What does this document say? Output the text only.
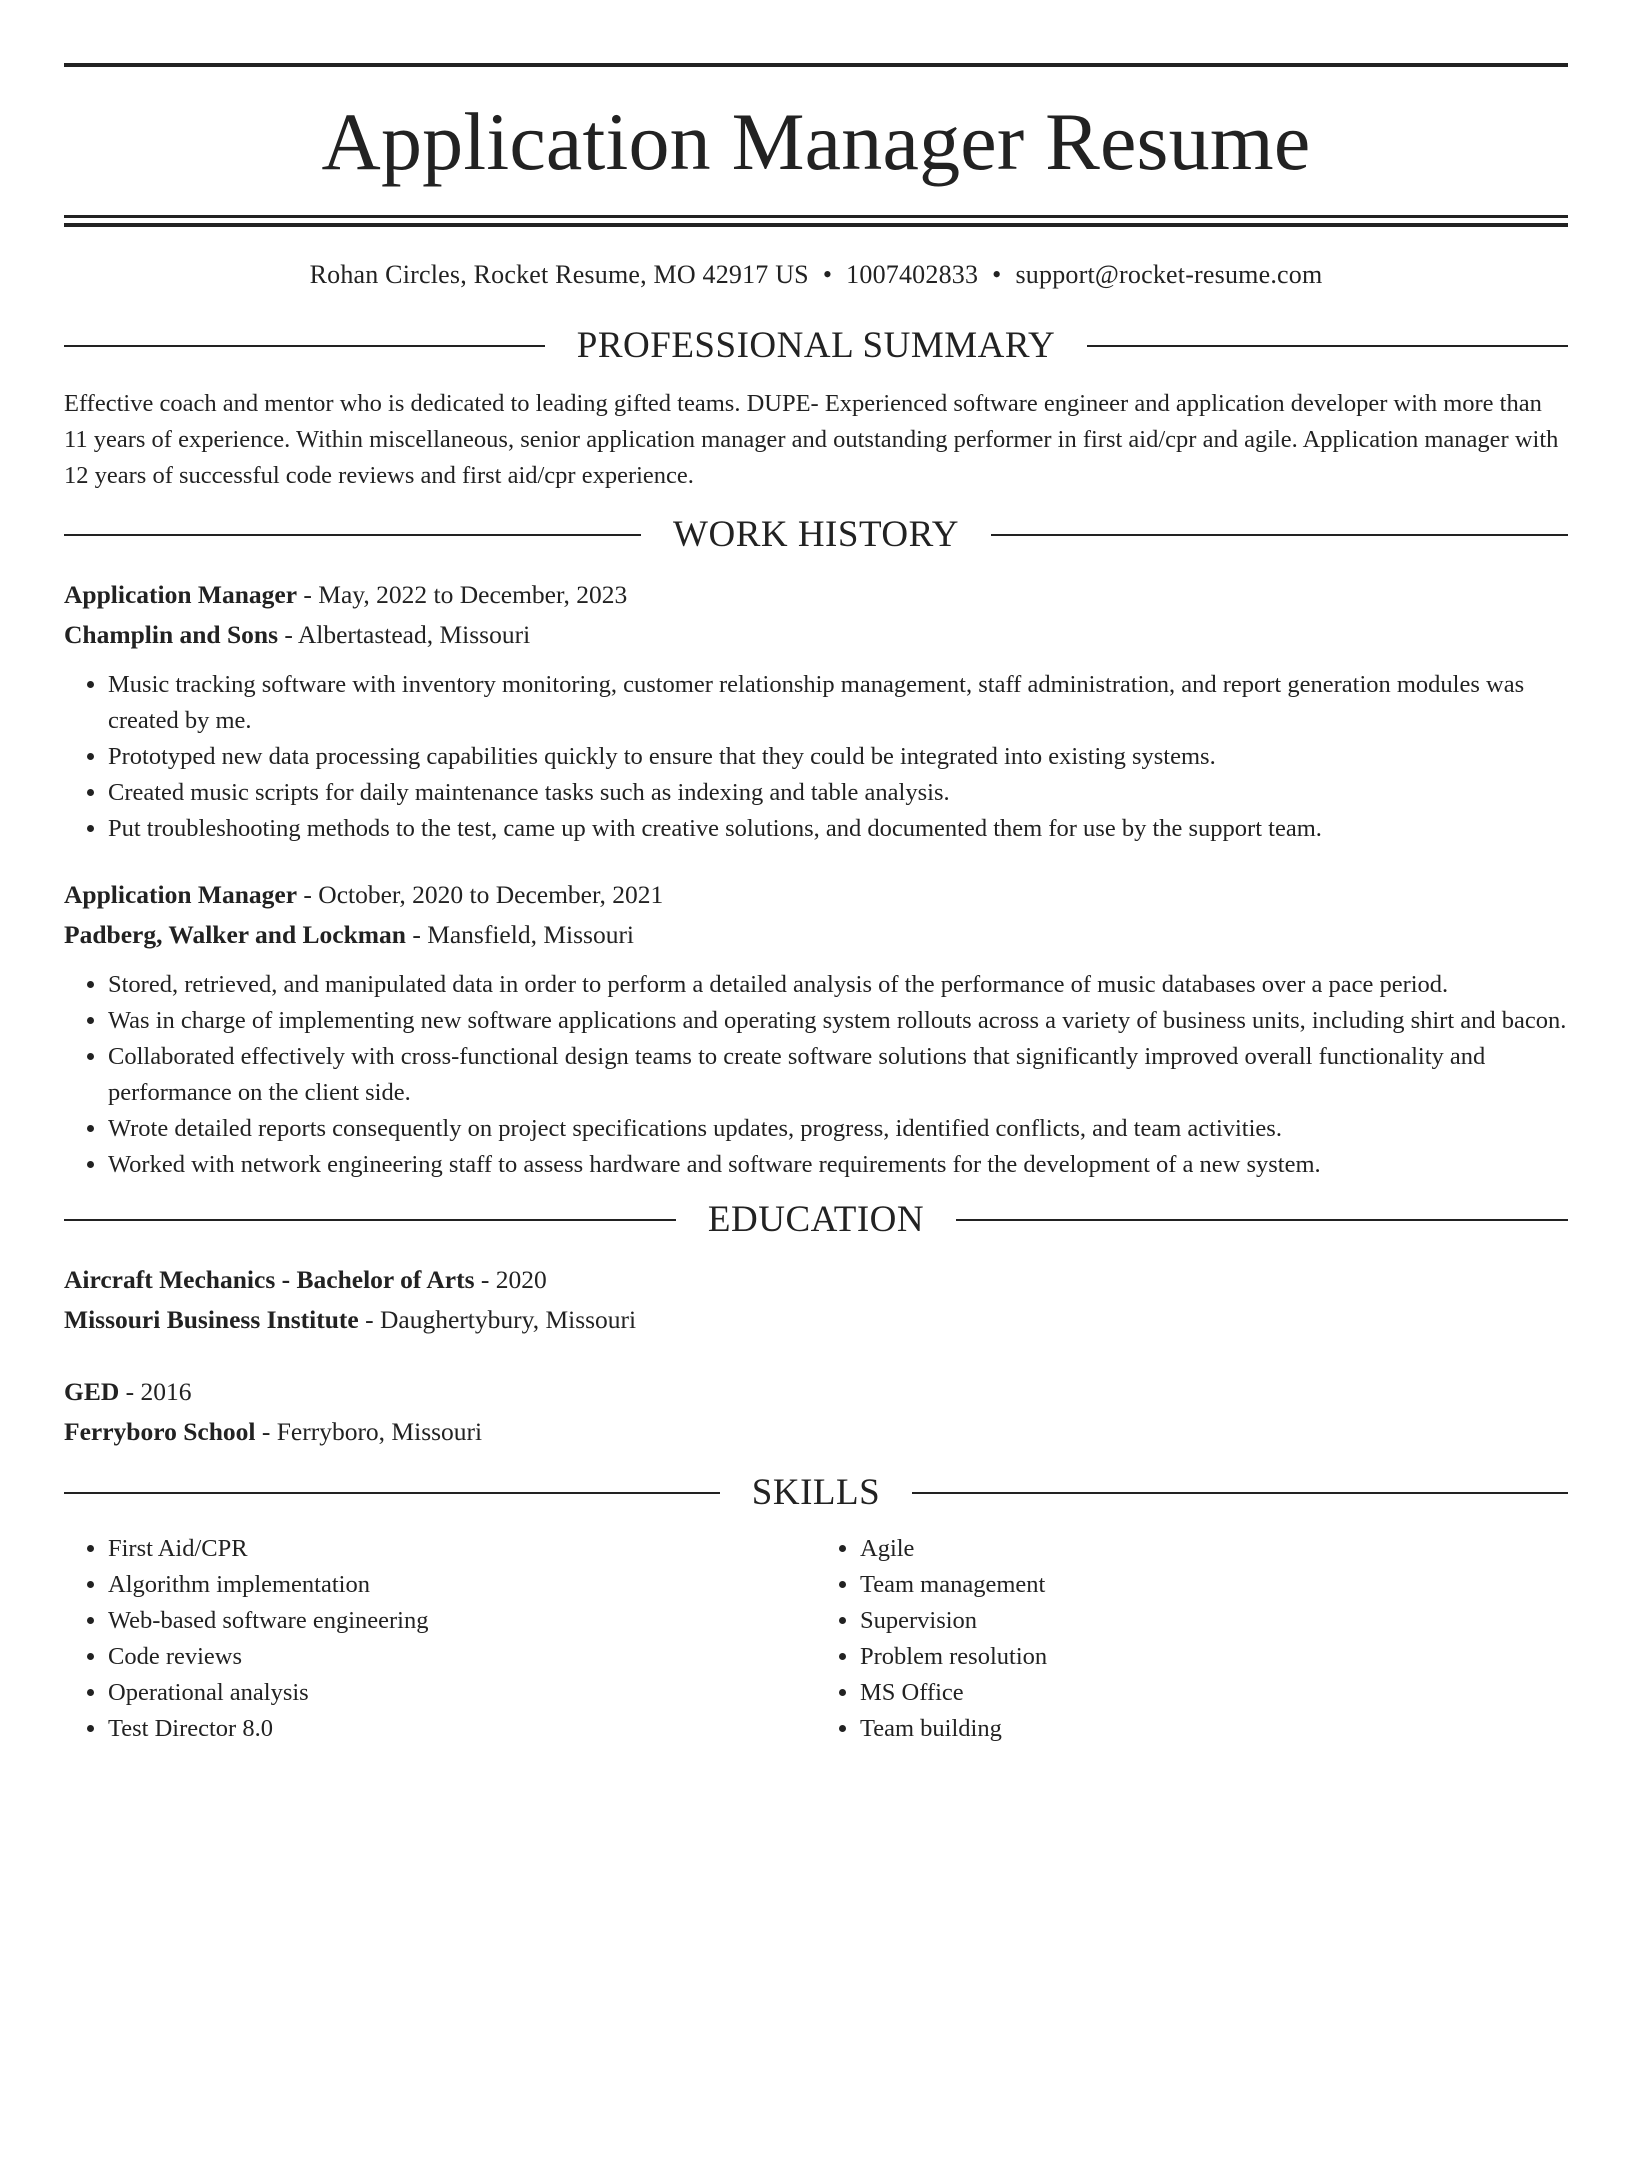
Application Manager Resume
Rohan Circles, Rocket Resume, MO 42917 US • 1007402833 • support@rocket-resume.com
PROFESSIONAL SUMMARY
Effective coach and mentor who is dedicated to leading gifted teams. DUPE- Experienced software engineer and application developer with more than 11 years of experience. Within miscellaneous, senior application manager and outstanding performer in first aid/cpr and agile. Application manager with 12 years of successful code reviews and first aid/cpr experience.
WORK HISTORY
Application Manager - May, 2022 to December, 2023
Champlin and Sons - Albertastead, Missouri
• Music tracking software with inventory monitoring, customer relationship management, staff administration, and report generation modules was created by me.
• Prototyped new data processing capabilities quickly to ensure that they could be integrated into existing systems.
• Created music scripts for daily maintenance tasks such as indexing and table analysis.
• Put troubleshooting methods to the test, came up with creative solutions, and documented them for use by the support team.
Application Manager - October, 2020 to December, 2021
Padberg, Walker and Lockman - Mansfield, Missouri
• Stored, retrieved, and manipulated data in order to perform a detailed analysis of the performance of music databases over a pace period.
• Was in charge of implementing new software applications and operating system rollouts across a variety of business units, including shirt and bacon.
• Collaborated effectively with cross-functional design teams to create software solutions that significantly improved overall functionality and performance on the client side.
• Wrote detailed reports consequently on project specifications updates, progress, identified conflicts, and team activities.
• Worked with network engineering staff to assess hardware and software requirements for the development of a new system.
EDUCATION
Aircraft Mechanics - Bachelor of Arts - 2020
Missouri Business Institute - Daughertybury, Missouri
GED - 2016
Ferryboro School - Ferryboro, Missouri
SKILLS
• First Aid/CPR
• Algorithm implementation
• Web-based software engineering
• Code reviews
• Operational analysis
• Test Director 8.0
• Agile
• Team management
• Supervision
• Problem resolution
• MS Office
• Team building
